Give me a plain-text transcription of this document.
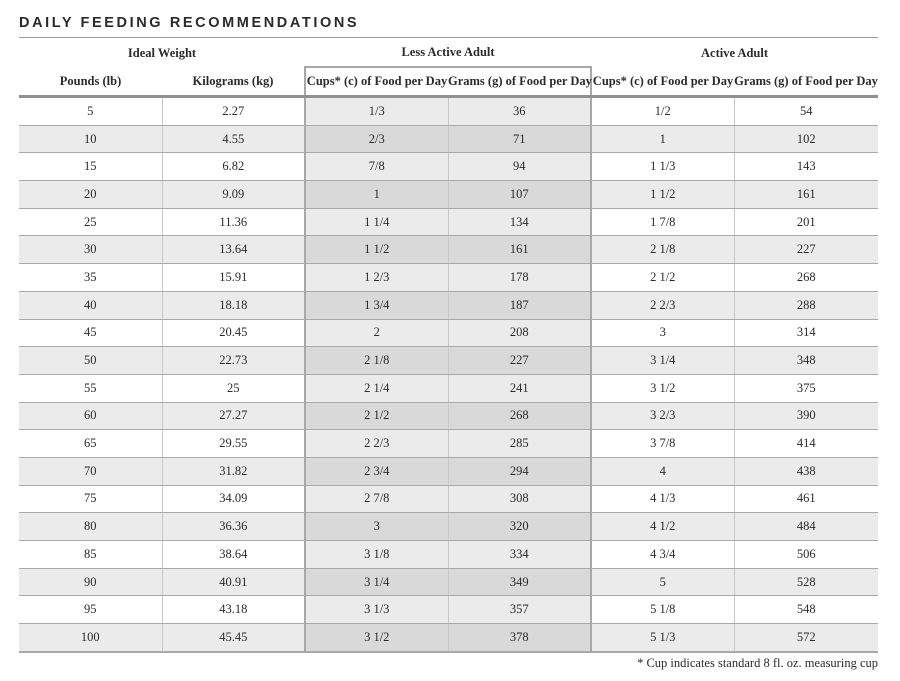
DAILY FEEDING RECOMMENDATIONS
Ideal Weight		Less Active Adult		Active Adult	
Pounds (lb)	Kilograms (kg)	Cups* (c) of Food per Day	Grams (g) of Food per Day	Cups* (c) of Food per Day	Grams (g) of Food per Day
5	2.27	1/3	36	1/2	54
10	4.55	2/3	71	1	102
15	6.82	7/8	94	1 1/3	143
20	9.09	1	107	1 1/2	161
25	11.36	1 1/4	134	1 7/8	201
30	13.64	1 1/2	161	2 1/8	227
35	15.91	1 2/3	178	2 1/2	268
40	18.18	1 3/4	187	2 2/3	288
45	20.45	2	208	3	314
50	22.73	2 1/8	227	3 1/4	348
55	25	2 1/4	241	3 1/2	375
60	27.27	2 1/2	268	3 2/3	390
65	29.55	2 2/3	285	3 7/8	414
70	31.82	2 3/4	294	4	438
75	34.09	2 7/8	308	4 1/3	461
80	36.36	3	320	4 1/2	484
85	38.64	3 1/8	334	4 3/4	506
90	40.91	3 1/4	349	5	528
95	43.18	3 1/3	357	5 1/8	548
100	45.45	3 1/2	378	5 1/3	572
* Cup indicates standard 8 fl. oz. measuring cup
